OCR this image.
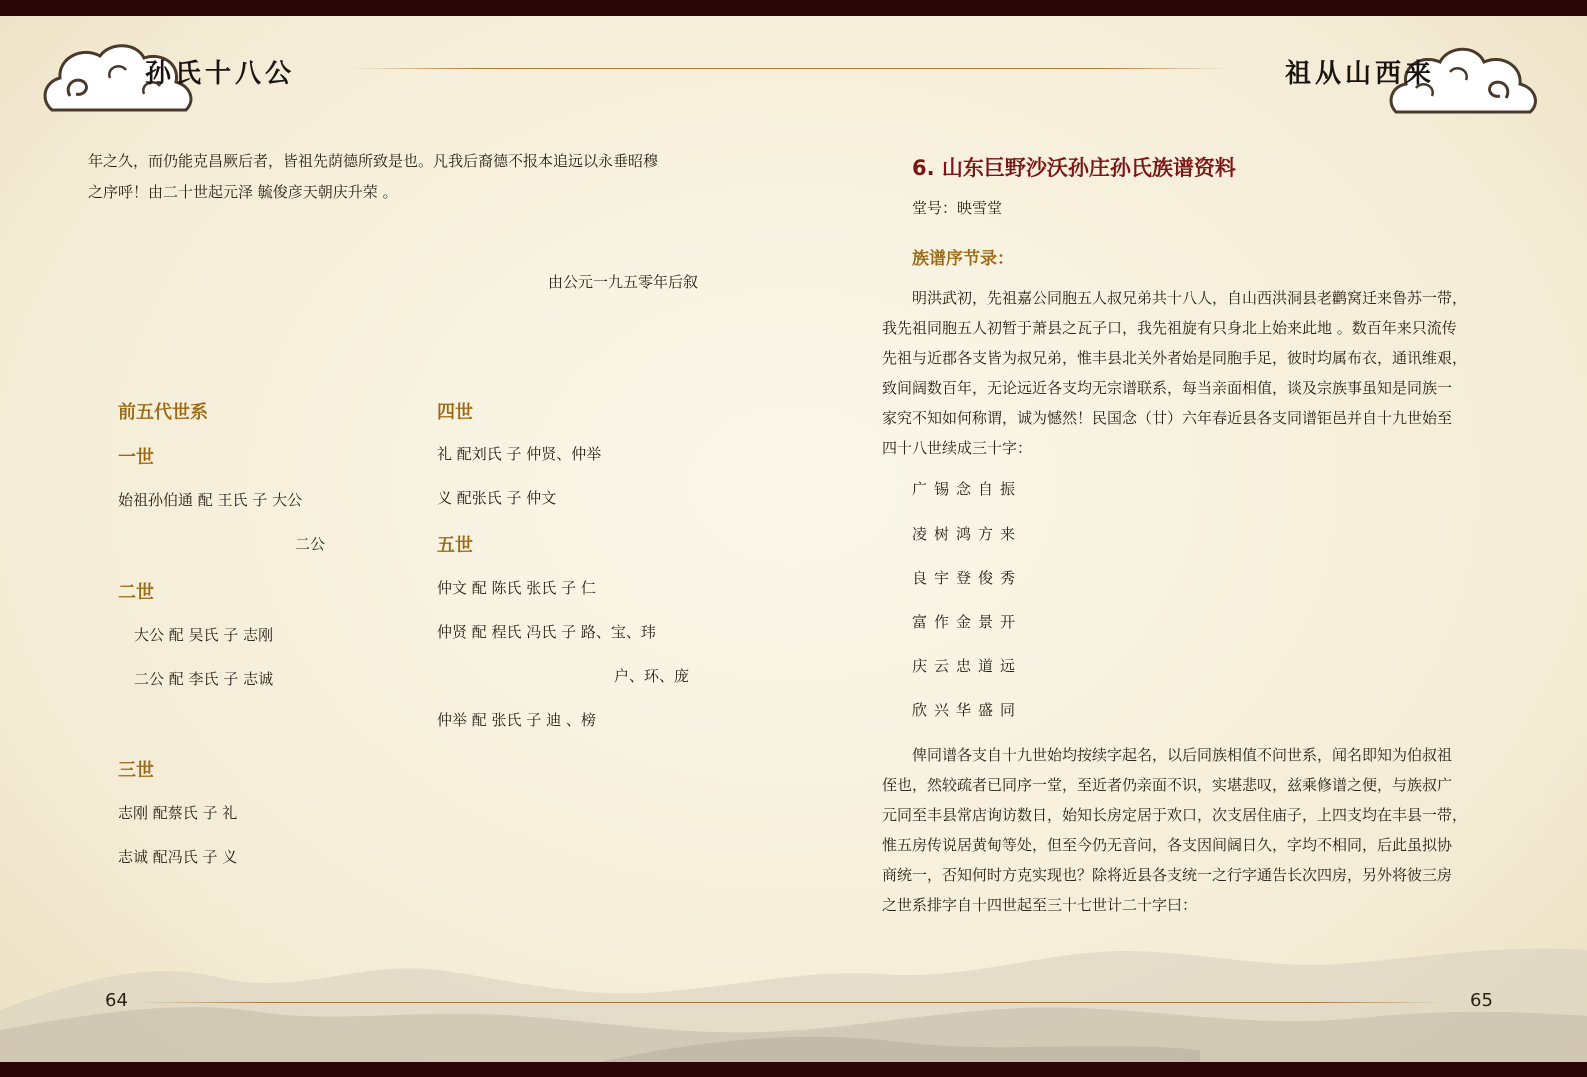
孙氏十八公	祖从山西来
年之久，而仍能克昌厥后者，皆祖先荫德所致是也。凡我后裔德不报本追远以永垂昭穆
之序呼！由二十世起元泽 毓俊彦天朝庆升荣 。
由公元一九五零年后叙
前五代世系
一世
始祖孙伯通 配 王氏 子 大公
二公
二世
大公 配 吴氏 子 志刚
二公 配 李氏 子 志诚
三世
志刚 配蔡氏 子 礼
志诚 配冯氏 子 义
四世
礼 配刘氏 子 仲贤、仲举
义 配张氏 子 仲文
五世
仲文 配 陈氏 张氏 子 仁
仲贤 配 程氏 冯氏 子 路、宝、玮
户、环、庞
仲举 配 张氏 子 迪 、榜
64
6. 山东巨野沙沃孙庄孙氏族谱资料
堂号：映雪堂
族谱序节录：
明洪武初，先祖嘉公同胞五人叔兄弟共十八人，自山西洪洞县老鹳窝迁来鲁苏一带，
我先祖同胞五人初暂于萧县之瓦子口，我先祖旋有只身北上始来此地 。数百年来只流传
先祖与近郡各支皆为叔兄弟，惟丰县北关外者始是同胞手足，彼时均属布衣，通讯维艰，
致间阔数百年，无论远近各支均无宗谱联系，每当亲面相值，谈及宗族事虽知是同族一
家究不知如何称谓，诚为憾然！民国念（廿）六年春近县各支同谱钜邑并自十九世始至
四十八世续成三十字：
广锡念自振
凌树鸿方来
良宇登俊秀
富作金景开
庆云忠道远
欣兴华盛同
俾同谱各支自十九世始均按续字起名，以后同族相值不问世系，闻名即知为伯叔祖
侄也，然较疏者已同序一堂，至近者仍亲面不识，实堪悲叹，兹乘修谱之便，与族叔广
元同至丰县常店询访数日，始知长房定居于欢口，次支居住庙子，上四支均在丰县一带，
惟五房传说居黄甸等处，但至今仍无音问，各支因间阔日久，字均不相同，后此虽拟协
商统一，否知何时方克实现也？除将近县各支统一之行字通告长次四房，另外将彼三房
之世系排字自十四世起至三十七世计二十字曰：
65
